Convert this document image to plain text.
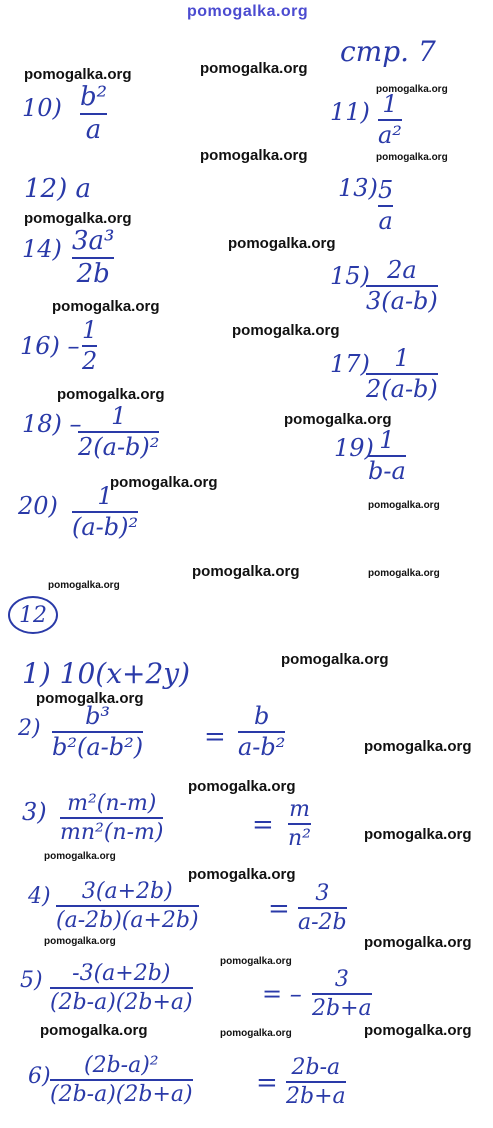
pomogalka.org
стр. 7
pomogalka.org	pomogalka.org
pomogalka.org
pomogalka.org	pomogalka.org
pomogalka.org
pomogalka.org
pomogalka.org
pomogalka.org
pomogalka.org
pomogalka.org
pomogalka.org
pomogalka.org
pomogalka.org
pomogalka.org
pomogalka.org
pomogalka.org
pomogalka.org
pomogalka.org
pomogalka.org
pomogalka.org
pomogalka.org
pomogalka.org
pomogalka.org	pomogalka.org
pomogalka.org
pomogalka.org	pomogalka.org	pomogalka.org
10) b²
a
11) 1
a²
12) a	13) 5
a
14) 3a³
2b	15) 2a
3(a-b)
16) –
1
2	17) 1
2(a-b)
18) – 1
2(a-b)²	19) 1
b-a
20) 1
(a-b)²
12
1) 10(x+2y)
2) b³
b²(a-b²) =
b
a-b²
3) m²(n-m)
mn²(n-m)	=
m
n²
4) 3(a+2b)
(a-2b)(a+2b)	=
3
a-2b
5) -3(a+2b)
(2b-a)(2b+a)	= –
3
2b+a
6) (2b-a)²
(2b-a)(2b+a) =
2b-a
2b+a
